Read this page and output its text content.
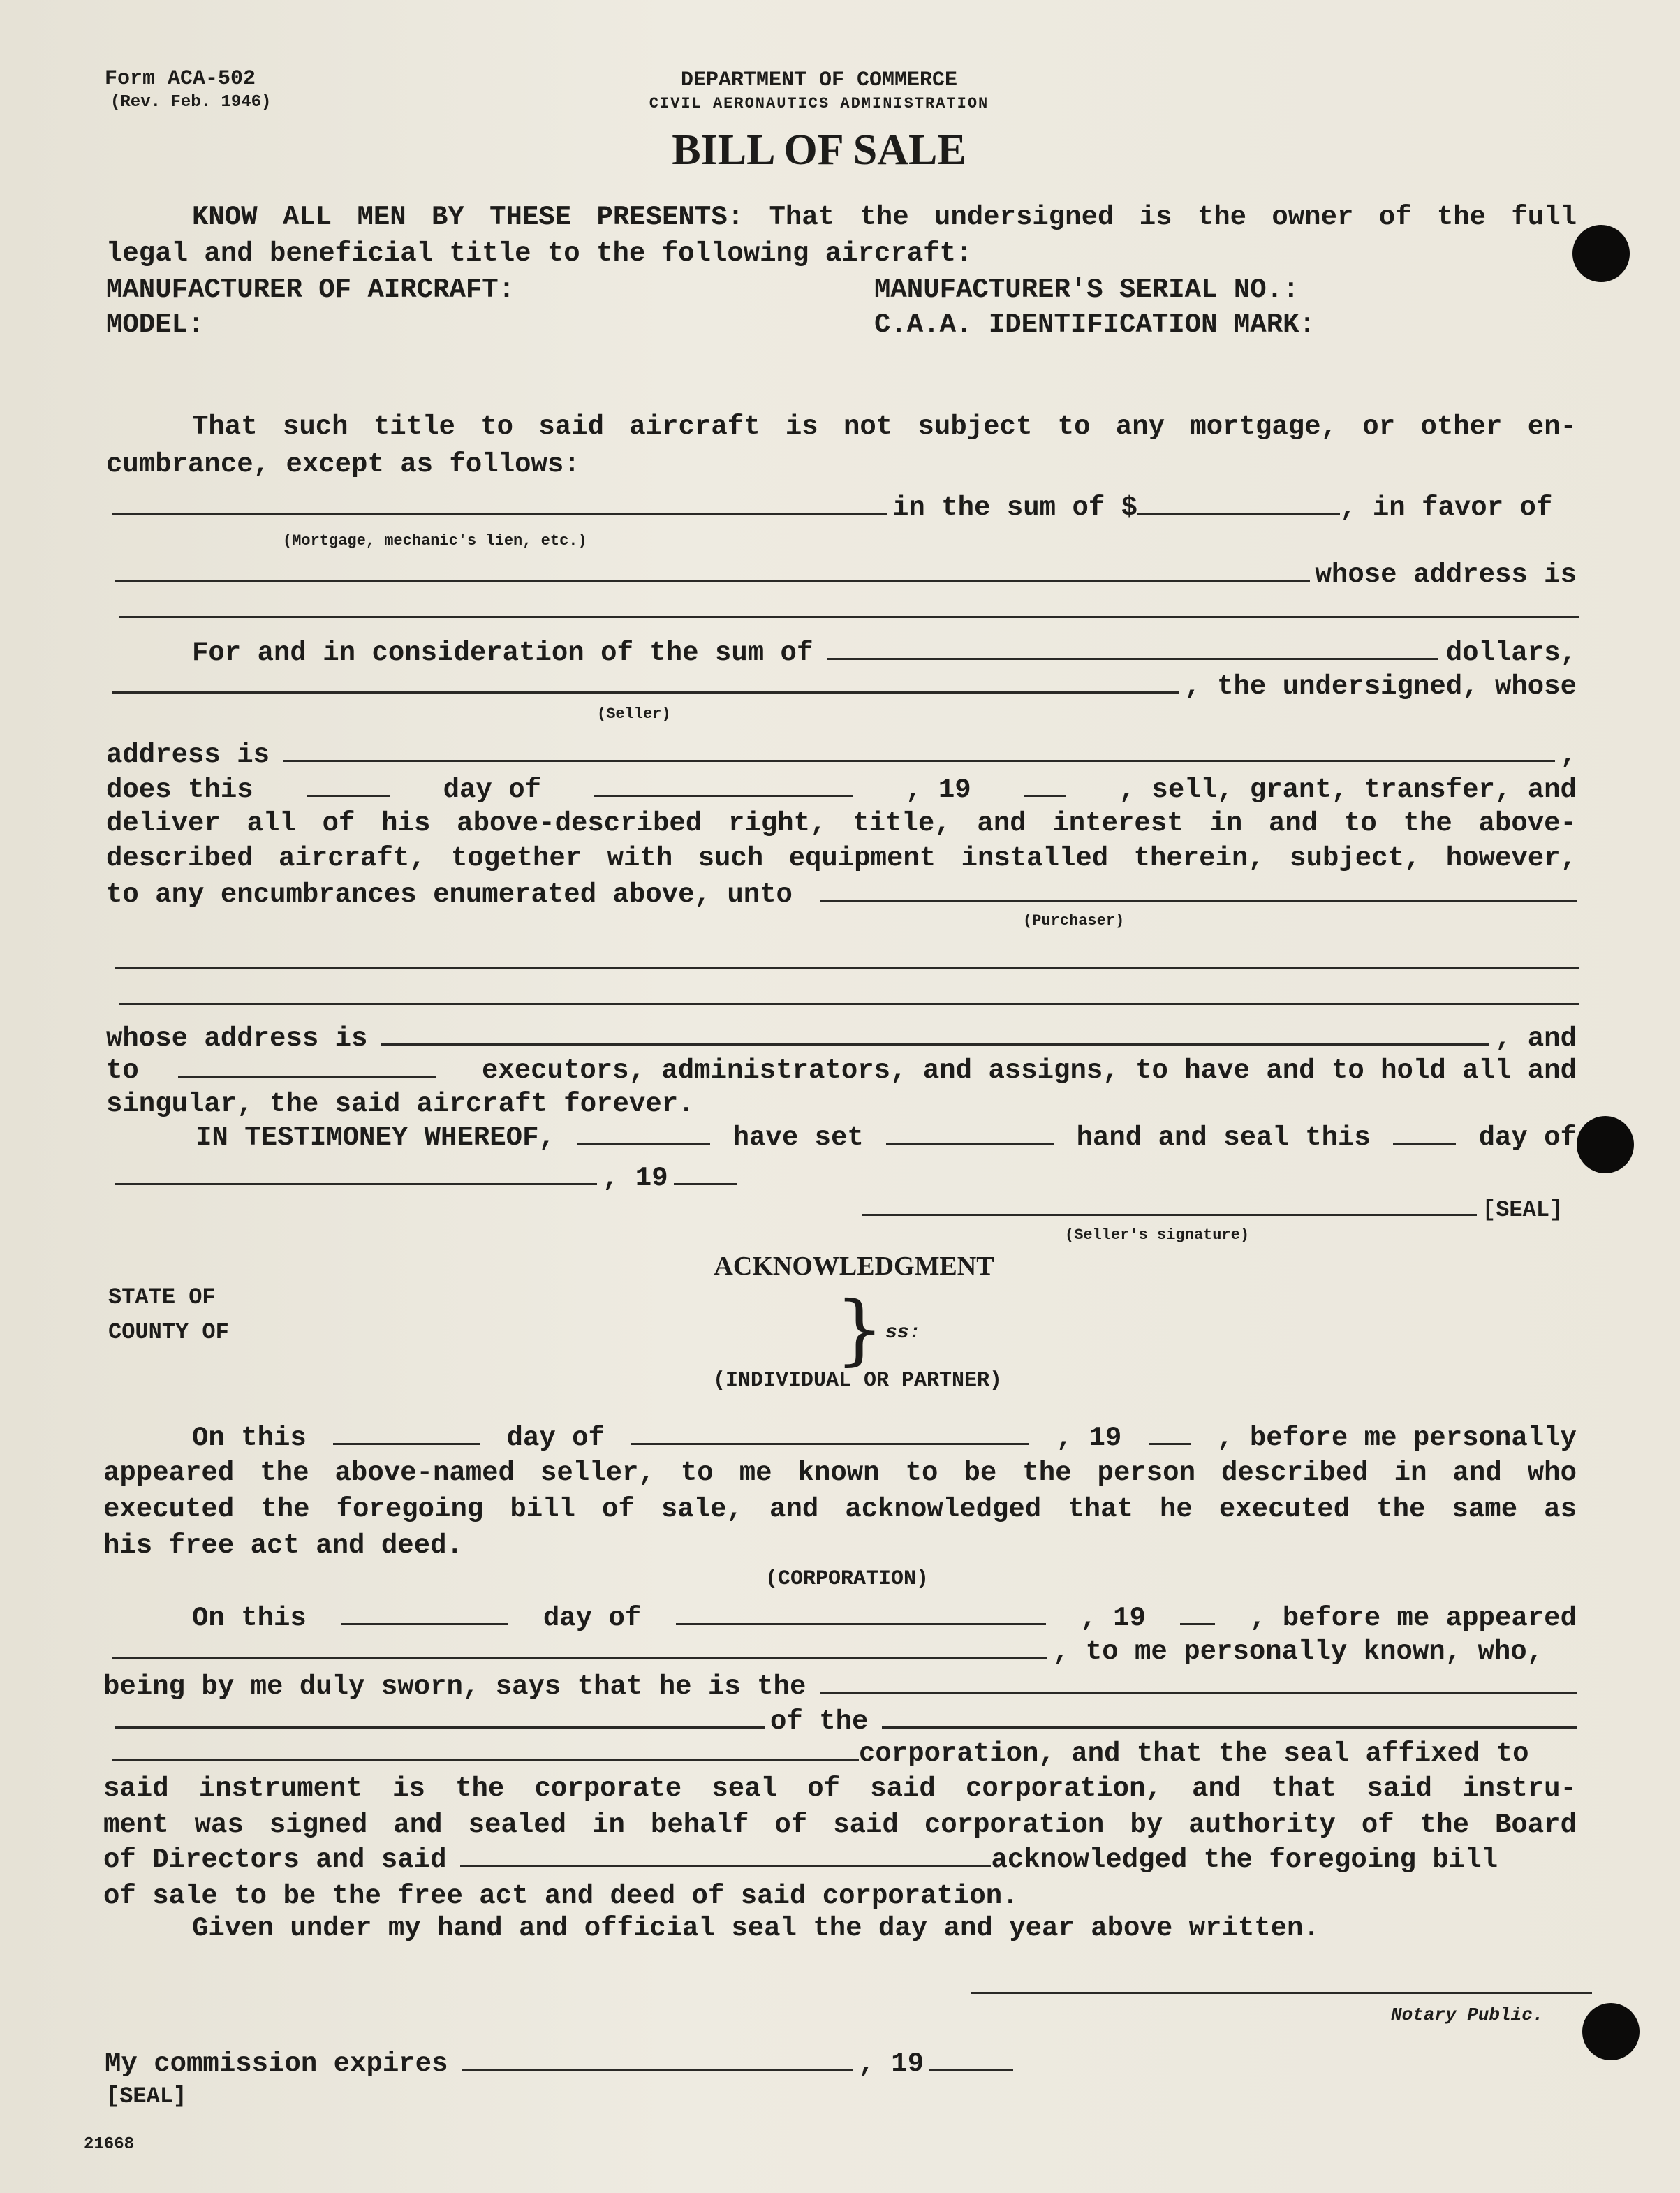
Form ACA-502
(Rev. Feb. 1946)
DEPARTMENT OF COMMERCE
CIVIL AERONAUTICS ADMINISTRATION
BILL OF SALE
KNOW ALL MEN BY THESE PRESENTS: That the undersigned is the owner of the full
legal and beneficial title to the following aircraft:
MANUFACTURER OF AIRCRAFT:	MANUFACTURER'S SERIAL NO.:
MODEL:	C.A.A. IDENTIFICATION MARK:
That such title to said aircraft is not subject to any mortgage, or other en-
cumbrance, except as follows:
in the sum of $	, in favor of
(Mortgage, mechanic's lien, etc.)
whose address is
For and in consideration of the sum of	dollars,
, the undersigned, whose
(Seller)
address is	,
does this	day of	, 19	, sell, grant, transfer, and
deliver all of his above-described right, title, and interest in and to the above-
described aircraft, together with such equipment installed therein, subject, however,
to any encumbrances enumerated above, unto
(Purchaser)
whose address is	, and
to	executors, administrators, and assigns, to have and to hold all and
singular, the said aircraft forever.
IN TESTIMONEY WHEREOF,	have set	hand and seal this	day of
, 19
[SEAL]
(Seller's signature)
ACKNOWLEDGMENT
STATE OF
COUNTY OF	} ss:
(INDIVIDUAL OR PARTNER)
On this	day of	, 19	, before me personally
appeared the above-named seller, to me known to be the person described in and who
executed the foregoing bill of sale, and acknowledged that he executed the same as
his free act and deed.
(CORPORATION)
On this	day of	, 19	, before me appeared
, to me personally known, who,
being by me duly sworn, says that he is the
of the
corporation, and that the seal affixed to
said instrument is the corporate seal of said corporation, and that said instru-
ment was signed and sealed in behalf of said corporation by authority of the Board
of Directors and said	acknowledged the foregoing bill
of sale to be the free act and deed of said corporation.
Given under my hand and official seal the day and year above written.
Notary Public.
My commission expires	, 19
[SEAL]
21668
